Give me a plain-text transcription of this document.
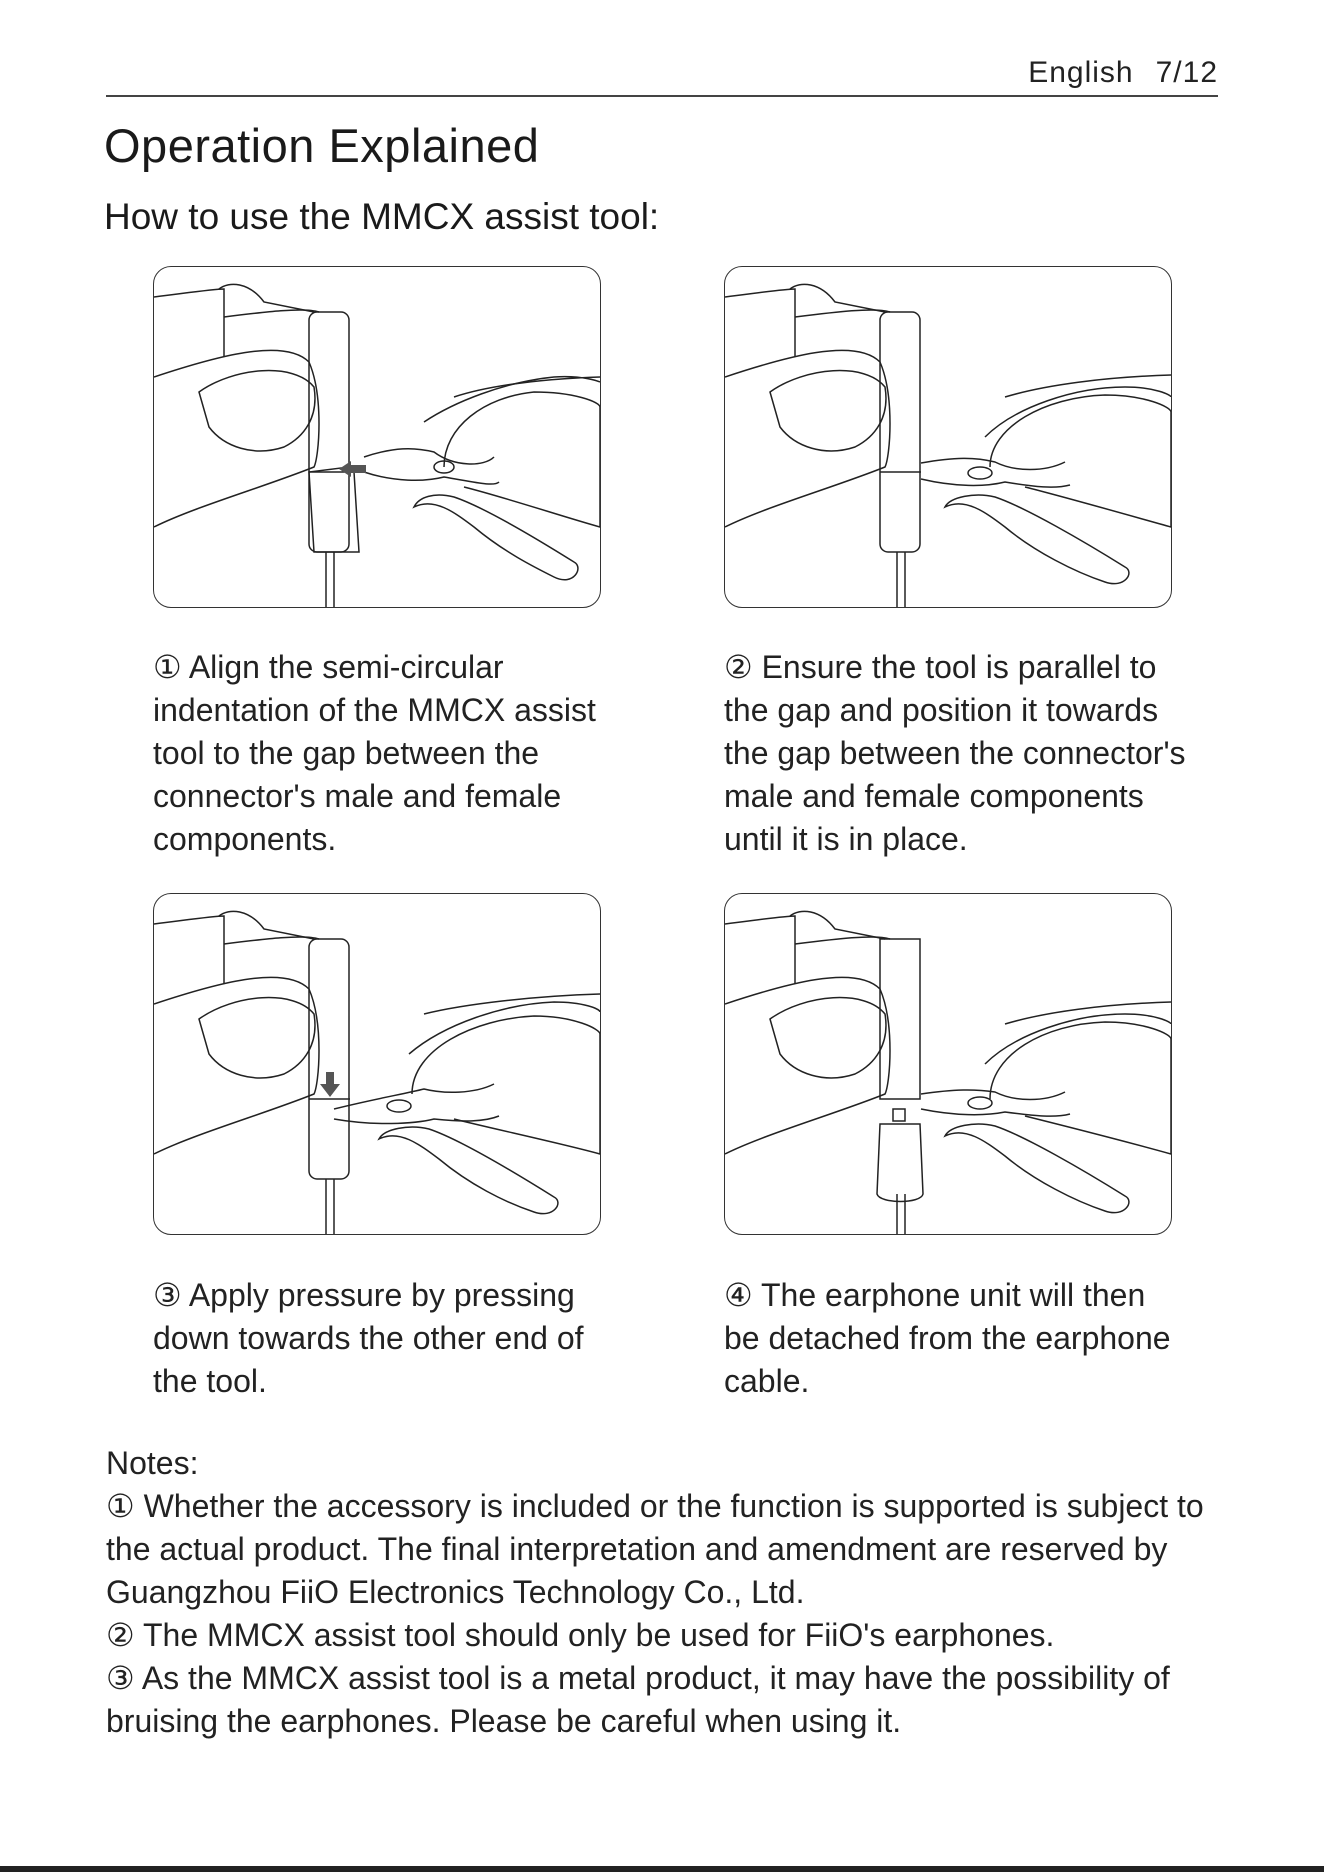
English 7/12
Operation Explained
How to use the MMCX assist tool:
① Align the semi-circular
indentation of the MMCX assist
tool to the gap between the
connector's male and female
components.
② Ensure the tool is parallel to
the gap and position it towards
the gap between the connector's
male and female components
until it is in place.
③ Apply pressure by pressing
down towards the other end of
the tool.
④ The earphone unit will then
be detached from the earphone
cable.
Notes:
① Whether the accessory is included or the function is supported is subject to the actual product. The final interpretation and amendment are reserved by Guangzhou FiiO Electronics Technology Co., Ltd.
② The MMCX assist tool should only be used for FiiO's earphones.
③ As the MMCX assist tool is a metal product, it may have the possibility of bruising the earphones. Please be careful when using it.
